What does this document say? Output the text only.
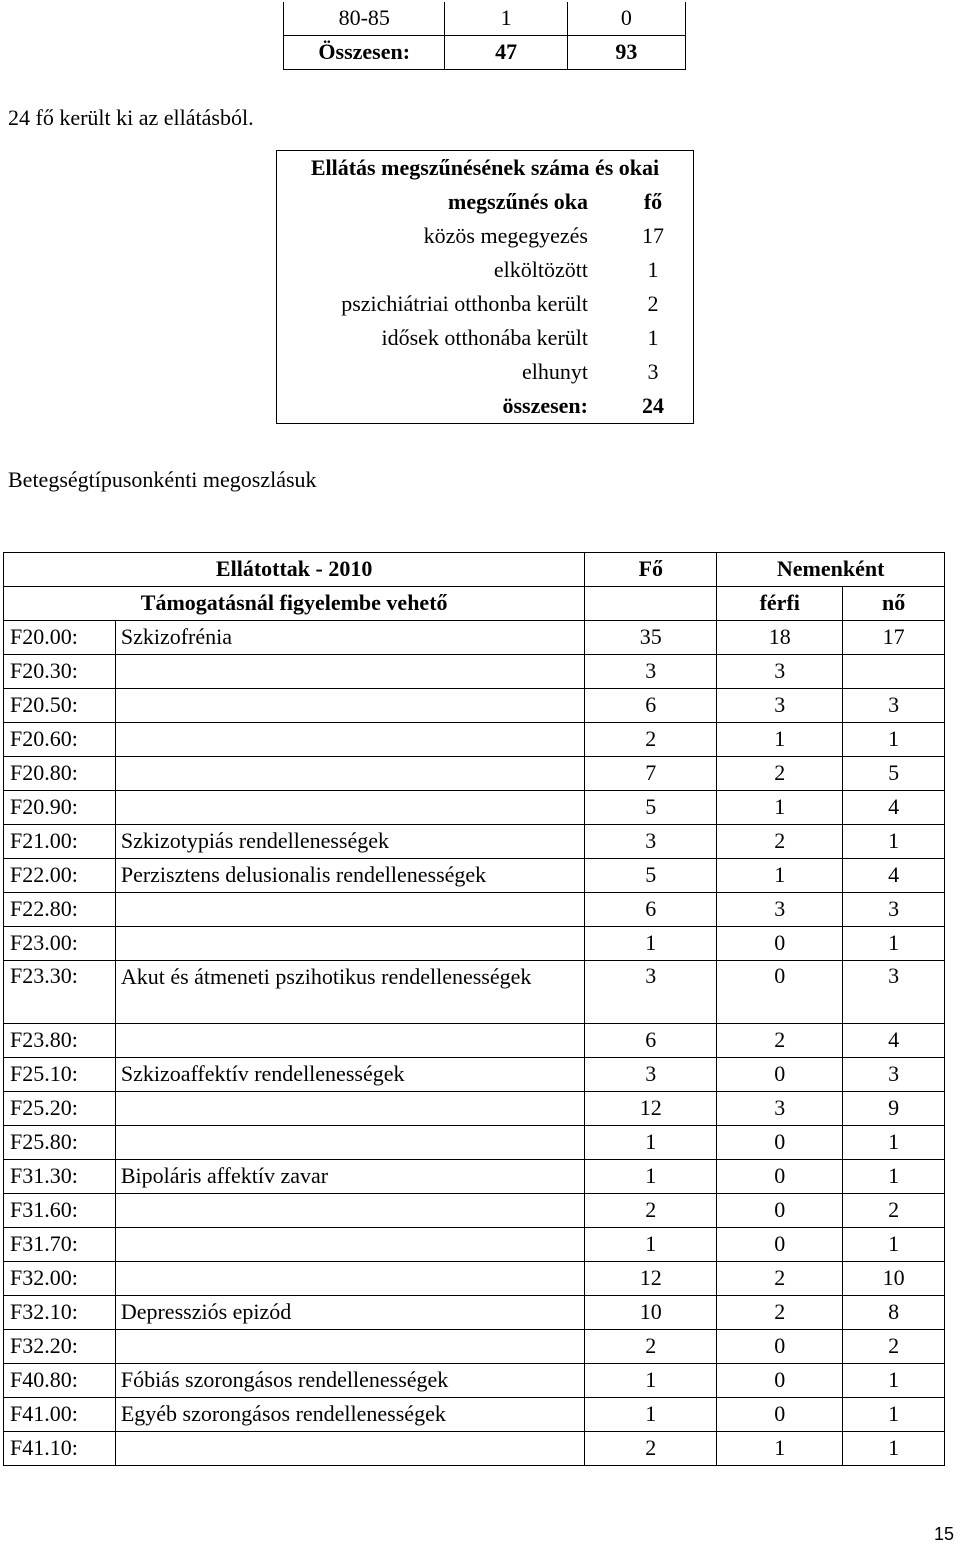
80-85	1	0
Összesen:	47	93
24 fő került ki az ellátásból.
Ellátás megszűnésének száma és okai	
megszűnés oka	fő
közös megegyezés	17
elköltözött	1
pszichiátriai otthonba került	2
idősek otthonába került	1
elhunyt	3
összesen:	24
Betegségtípusonkénti megoszlásuk
Ellátottak - 2010		Fő	Nemenként	
Támogatásnál figyelembe vehető			férfi	nő
F20.00:	Szkizofrénia	35	18	17
F20.30:		3	3	
F20.50:		6	3	3
F20.60:		2	1	1
F20.80:		7	2	5
F20.90:		5	1	4
F21.00:	Szkizotypiás rendellenességek	3	2	1
F22.00:	Perzisztens delusionalis rendellenességek	5	1	4
F22.80:		6	3	3
F23.00:		1	0	1
F23.30:	Akut és átmeneti pszihotikus rendellenességek	3	0	3
F23.80:		6	2	4
F25.10:	Szkizoaffektív rendellenességek	3	0	3
F25.20:		12	3	9
F25.80:		1	0	1
F31.30:	Bipoláris affektív zavar	1	0	1
F31.60:		2	0	2
F31.70:		1	0	1
F32.00:		12	2	10
F32.10:	Depressziós epizód	10	2	8
F32.20:		2	0	2
F40.80:	Fóbiás szorongásos rendellenességek	1	0	1
F41.00:	Egyéb szorongásos rendellenességek	1	0	1
F41.10:		2	1	1
15
